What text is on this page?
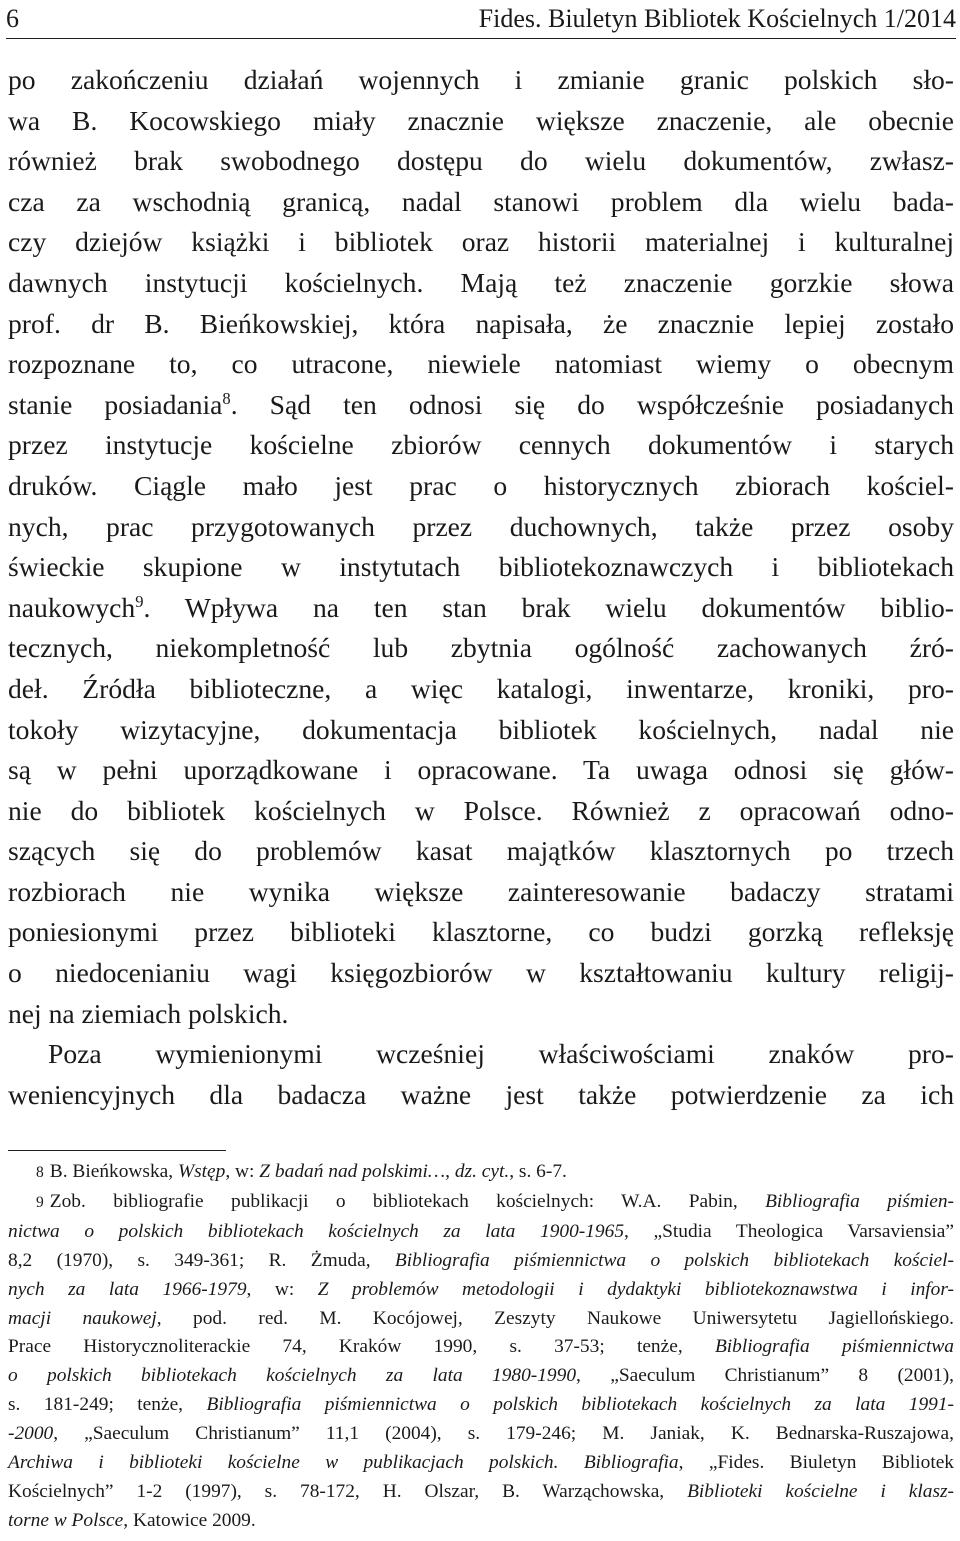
6	Fides. Biuletyn Bibliotek Kościelnych 1/2014

po zakończeniu działań wojennych i zmianie granic polskich sło-
wa B. Kocowskiego miały znacznie większe znaczenie, ale obecnie
również brak swobodnego dostępu do wielu dokumentów, zwłasz-
cza za wschodnią granicą, nadal stanowi problem dla wielu bada-
czy dziejów książki i bibliotek oraz historii materialnej i kulturalnej
dawnych instytucji kościelnych. Mają też znaczenie gorzkie słowa
prof. dr B. Bieńkowskiej, która napisała, że znacznie lepiej zostało
rozpoznane to, co utracone, niewiele natomiast wiemy o obecnym
stanie posiadania$^8$. Sąd ten odnosi się do współcześnie posiadanych
przez instytucje kościelne zbiorów cennych dokumentów i starych
druków. Ciągle mało jest prac o historycznych zbiorach kościel-
nych, prac przygotowanych przez duchownych, także przez osoby
świeckie skupione w instytutach bibliotekoznawczych i bibliotekach
naukowych$^9$. Wpływa na ten stan brak wielu dokumentów biblio-
tecznych, niekompletność lub zbytnia ogólność zachowanych źró-
deł. Źródła biblioteczne, a więc katalogi, inwentarze, kroniki, pro-
tokoły wizytacyjne, dokumentacja bibliotek kościelnych, nadal nie
są w pełni uporządkowane i opracowane. Ta uwaga odnosi się głów-
nie do bibliotek kościelnych w Polsce. Również z opracowań odno-
szących się do problemów kasat majątków klasztornych po trzech
rozbiorach nie wynika większe zainteresowanie badaczy stratami
poniesionymi przez biblioteki klasztorne, co budzi gorzką refleksję
o niedocenianiu wagi księgozbiorów w kształtowaniu kultury religij-
nej na ziemiach polskich.

Poza wymienionymi wcześniej właściwościami znaków pro-
weniencyjnych dla badacza ważne jest także potwierdzenie za ich

8 B. Bieńkowska, Wstęp, w: Z badań nad polskimi…, dz. cyt., s. 6-7.
9 Zob. bibliografie publikacji o bibliotekach kościelnych: W.A. Pabin, Bibliografia piśmien-
nictwa o polskich bibliotekach kościelnych za lata 1900-1965, „Studia Theologica Varsaviensia”
8,2 (1970), s. 349-361; R. Żmuda, Bibliografia piśmiennictwa o polskich bibliotekach kościel-
nych za lata 1966-1979, w: Z problemów metodologii i dydaktyki bibliotekoznawstwa i infor-
macji naukowej, pod. red. M. Kocójowej, Zeszyty Naukowe Uniwersytetu Jagiellońskiego.
Prace Historycznoliterackie 74, Kraków 1990, s. 37-53; tenże, Bibliografia piśmiennictwa
o polskich bibliotekach kościelnych za lata 1980-1990, „Saeculum Christianum” 8 (2001),
s. 181-249; tenże, Bibliografia piśmiennictwa o polskich bibliotekach kościelnych za lata 1991-
-2000, „Saeculum Christianum” 11,1 (2004), s. 179-246; M. Janiak, K. Bednarska-Ruszajowa,
Archiwa i biblioteki kościelne w publikacjach polskich. Bibliografia, „Fides. Biuletyn Bibliotek
Kościelnych” 1-2 (1997), s. 78-172, H. Olszar, B. Warząchowska, Biblioteki kościelne i klasz-
torne w Polsce, Katowice 2009.
